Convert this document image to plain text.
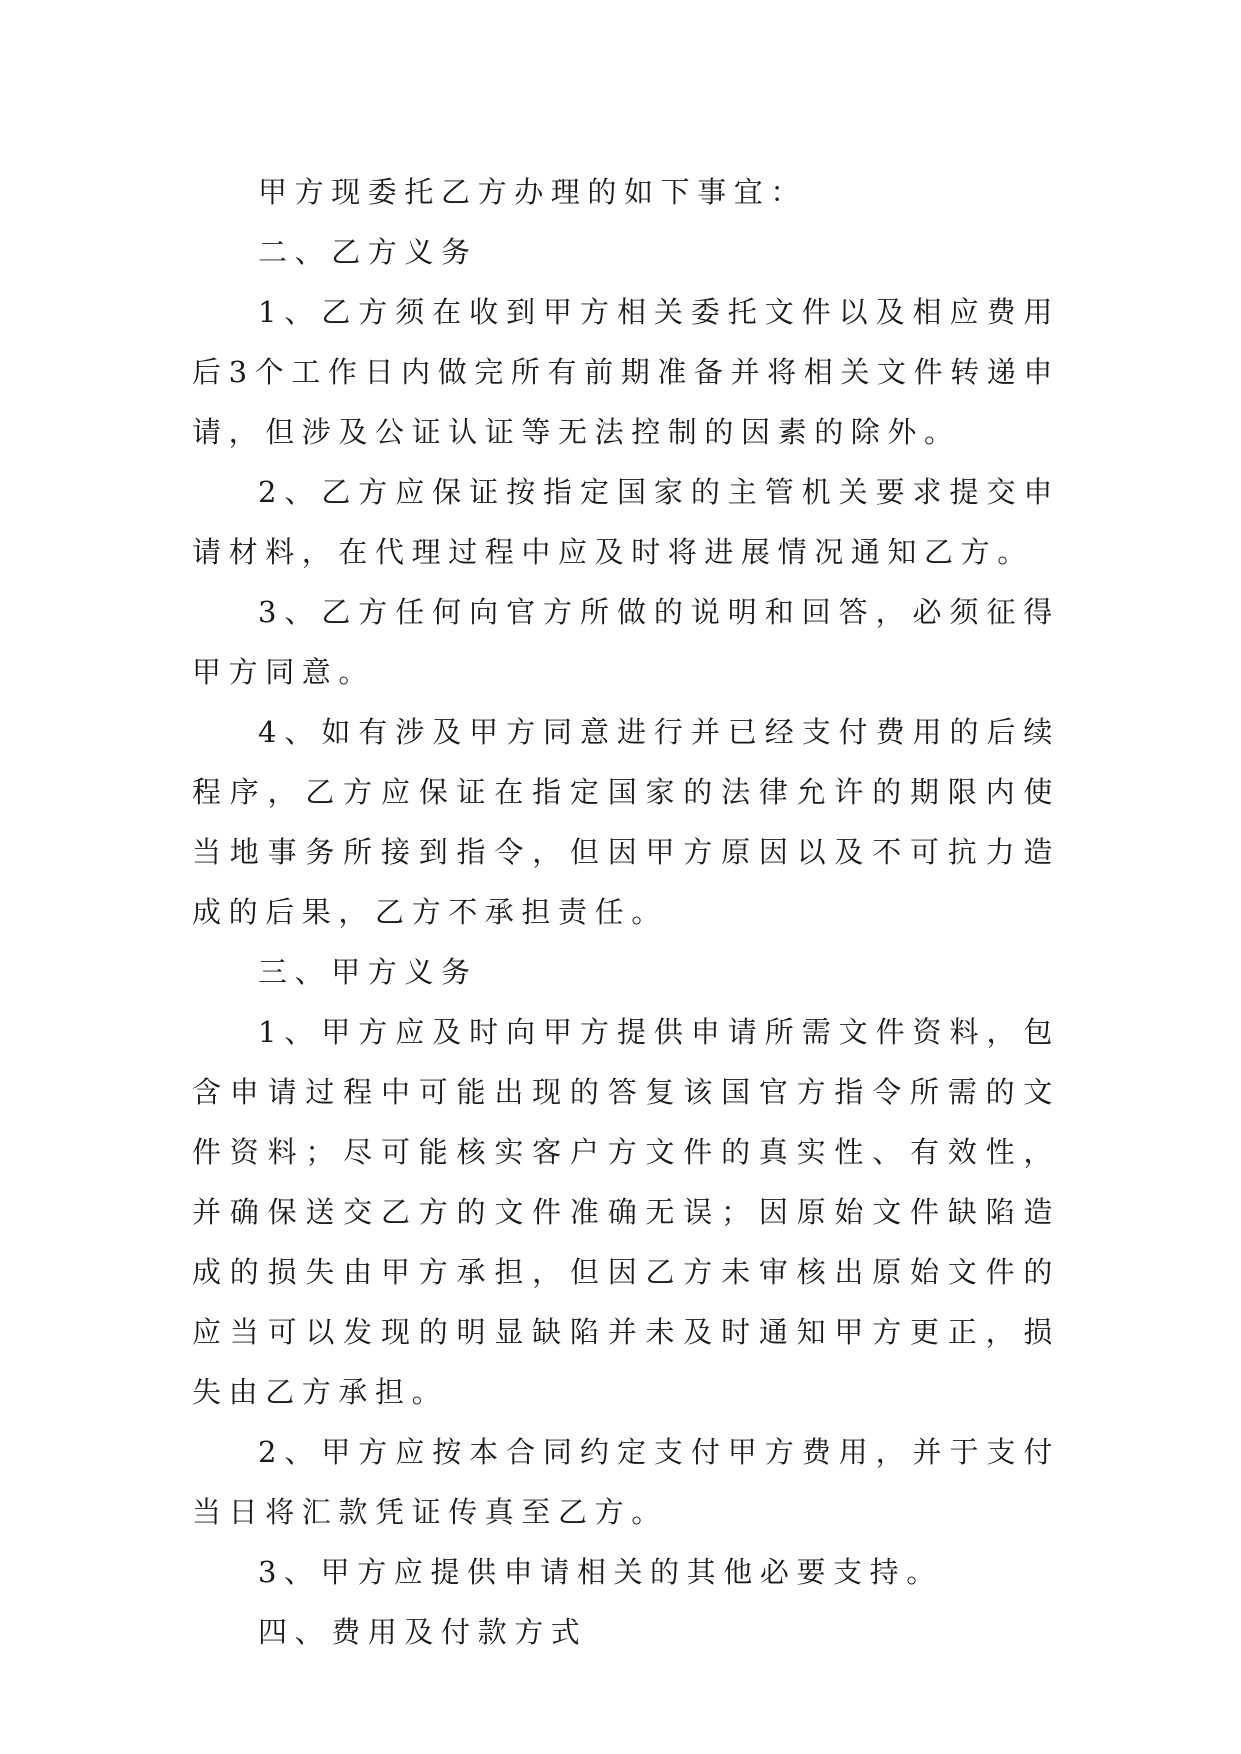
甲方现委托乙方办理的如下事宜：

二、乙方义务

1、乙方须在收到甲方相关委托文件以及相应费用后3个工作日内做完所有前期准备并将相关文件转递申请，但涉及公证认证等无法控制的因素的除外。

2、乙方应保证按指定国家的主管机关要求提交申请材料，在代理过程中应及时将进展情况通知乙方。

3、乙方任何向官方所做的说明和回答，必须征得甲方同意。

4、如有涉及甲方同意进行并已经支付费用的后续程序，乙方应保证在指定国家的法律允许的期限内使当地事务所接到指令，但因甲方原因以及不可抗力造成的后果，乙方不承担责任。

三、甲方义务

1、甲方应及时向甲方提供申请所需文件资料，包含申请过程中可能出现的答复该国官方指令所需的文件资料；尽可能核实客户方文件的真实性、有效性，并确保送交乙方的文件准确无误；因原始文件缺陷造成的损失由甲方承担，但因乙方未审核出原始文件的应当可以发现的明显缺陷并未及时通知甲方更正，损失由乙方承担。

2、甲方应按本合同约定支付甲方费用，并于支付当日将汇款凭证传真至乙方。

3、甲方应提供申请相关的其他必要支持。

四、费用及付款方式
